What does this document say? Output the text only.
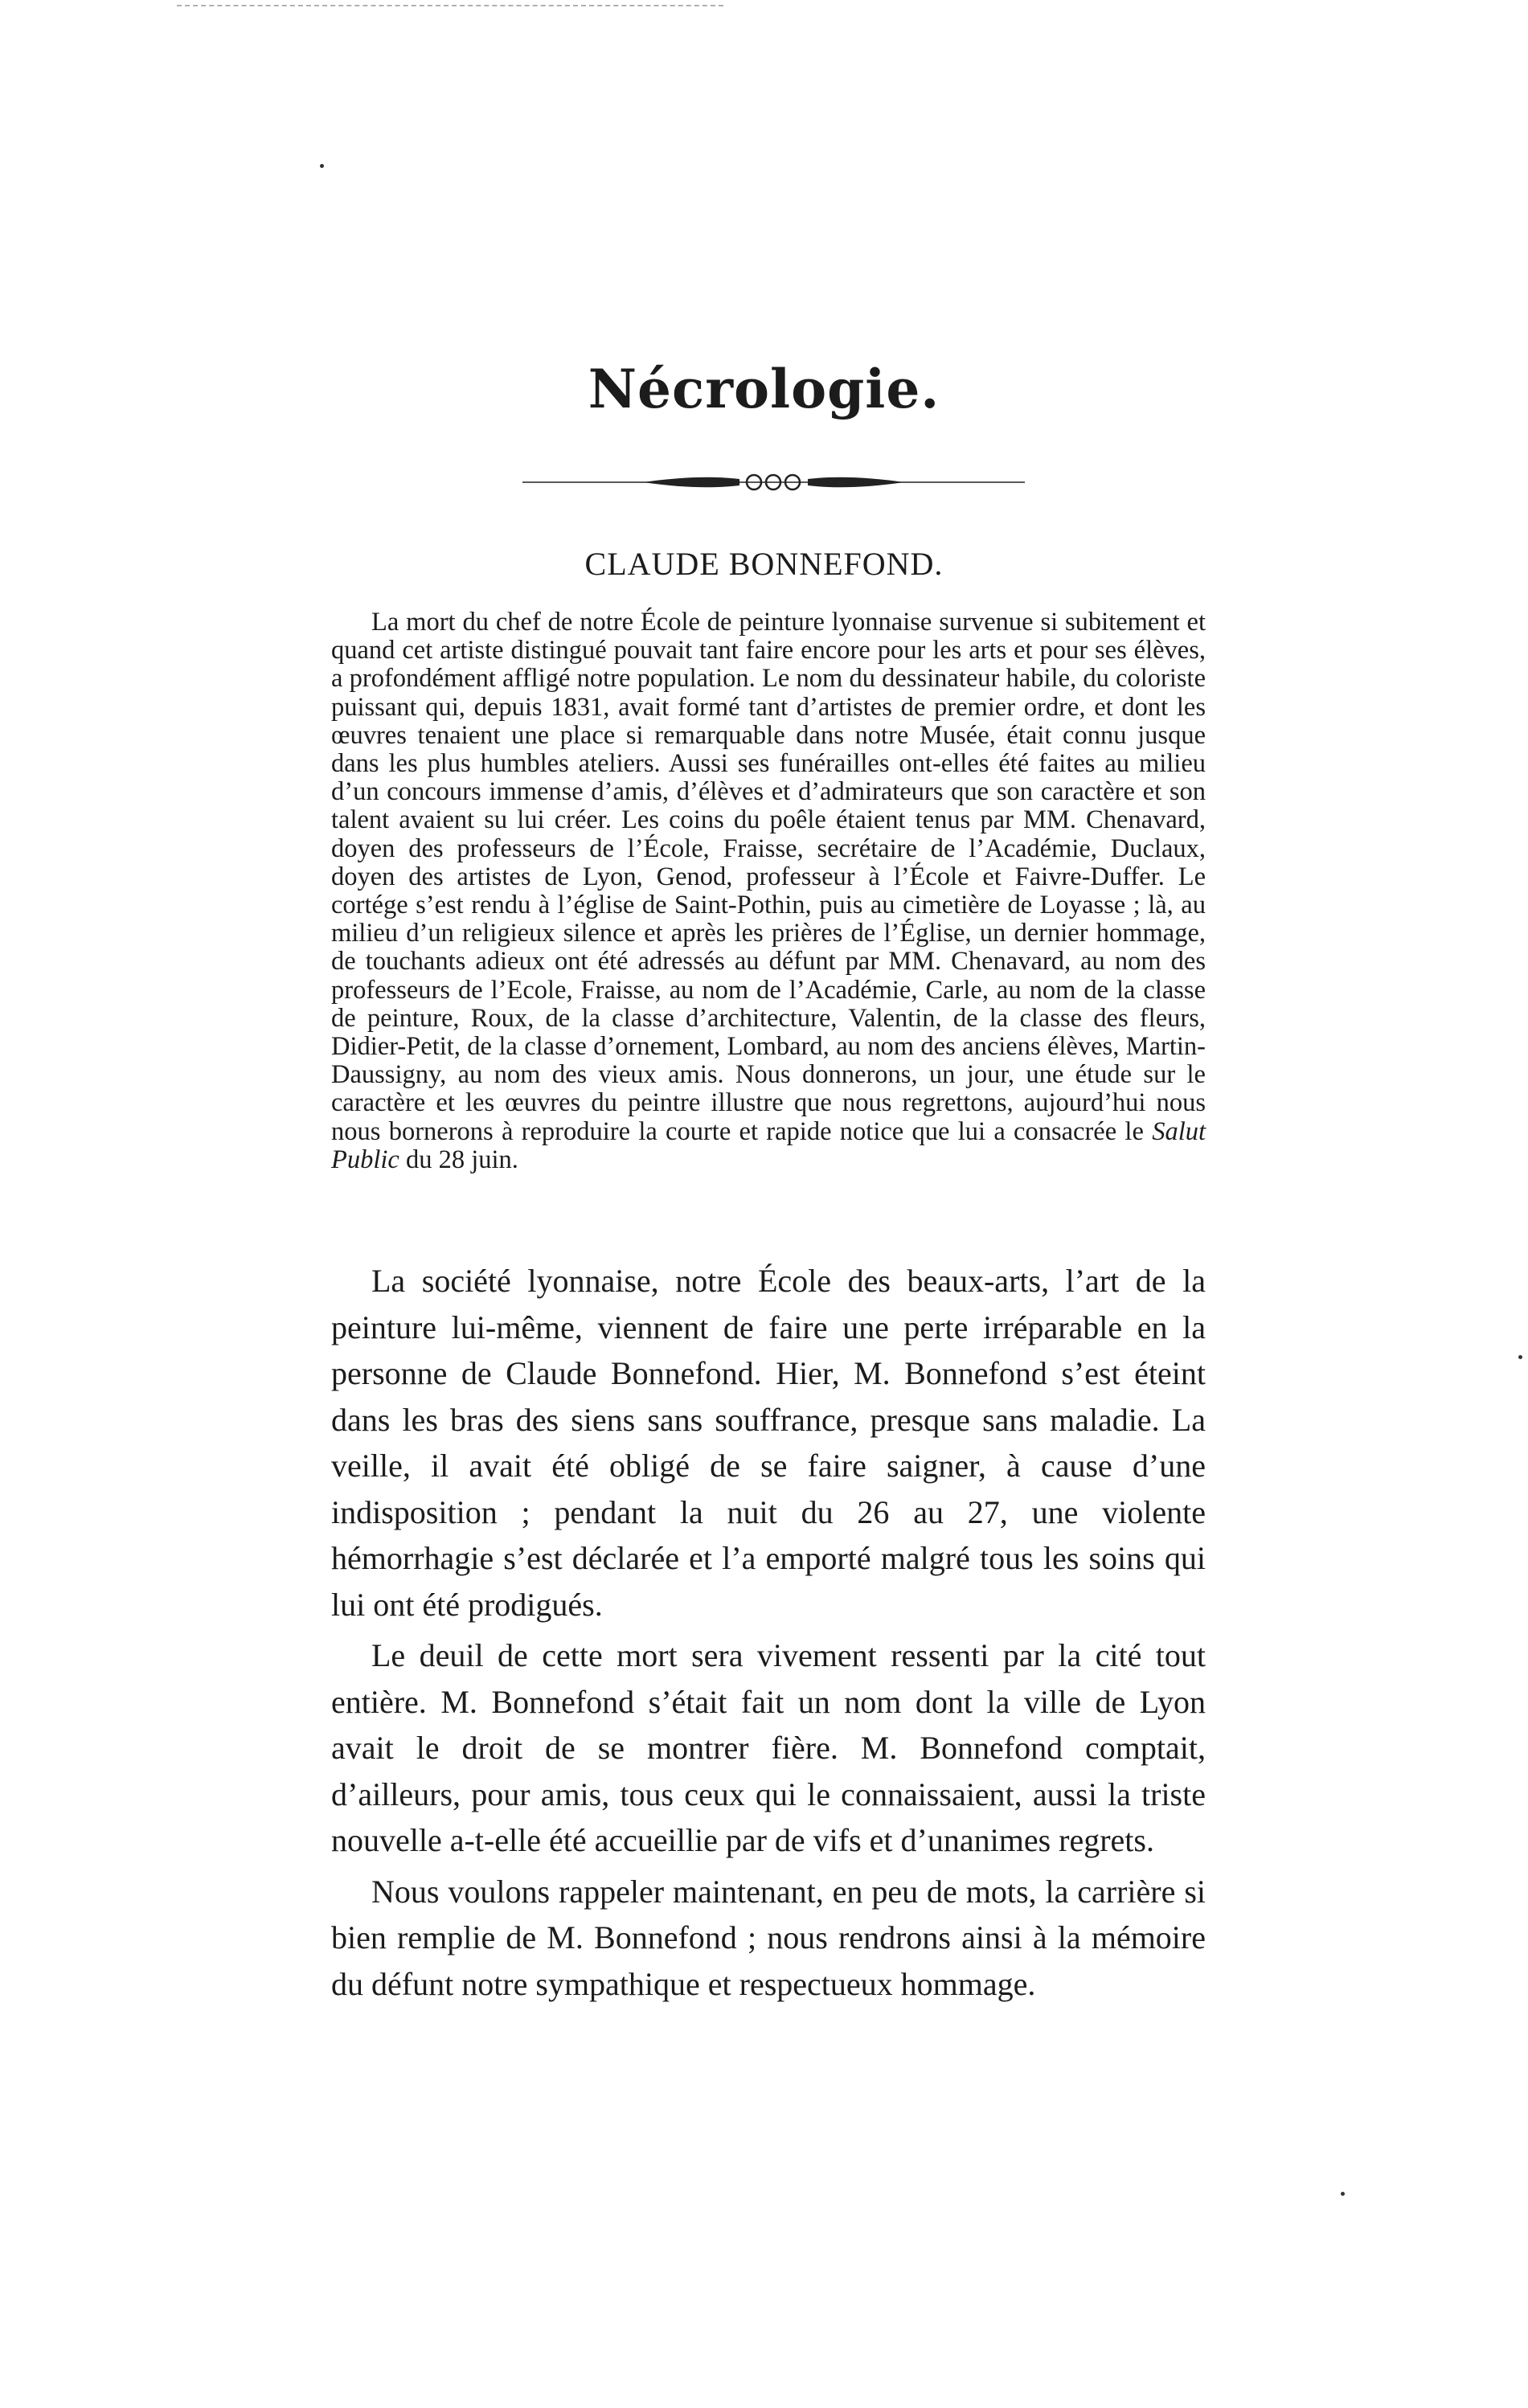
Nécrologie.
CLAUDE BONNEFOND.

La mort du chef de notre École de peinture lyonnaise survenue si subitement et quand cet artiste distingué pouvait tant faire encore pour les arts et pour ses élèves, a profondément affligé notre population. Le nom du dessinateur habile, du coloriste puissant qui, depuis 1831, avait formé tant d’artistes de premier ordre, et dont les œuvres tenaient une place si remarquable dans notre Musée, était connu jusque dans les plus humbles ateliers. Aussi ses funérailles ont-elles été faites au milieu d’un concours immense d’amis, d’élèves et d’admirateurs que son caractère et son talent avaient su lui créer. Les coins du poêle étaient tenus par MM. Chenavard, doyen des professeurs de l’École, Fraisse, secrétaire de l’Académie, Duclaux, doyen des artistes de Lyon, Genod, professeur à l’École et Faivre-Duffer. Le cortége s’est rendu à l’église de Saint-Pothin, puis au cimetière de Loyasse ; là, au milieu d’un religieux silence et après les prières de l’Église, un dernier hommage, de touchants adieux ont été adressés au défunt par MM. Chenavard, au nom des professeurs de l’Ecole, Fraisse, au nom de l’Académie, Carle, au nom de la classe de peinture, Roux, de la classe d’architecture, Valentin, de la classe des fleurs, Didier-Petit, de la classe d’ornement, Lombard, au nom des anciens élèves, Martin-Daussigny, au nom des vieux amis. Nous donnerons, un jour, une étude sur le caractère et les œuvres du peintre illustre que nous regrettons, aujourd’hui nous nous bornerons à reproduire la courte et rapide notice que lui a consacrée le Salut Public du 28 juin.

La société lyonnaise, notre École des beaux-arts, l’art de la peinture lui-même, viennent de faire une perte irréparable en la personne de Claude Bonnefond. Hier, M. Bonnefond s’est éteint dans les bras des siens sans souffrance, presque sans maladie. La veille, il avait été obligé de se faire saigner, à cause d’une indisposition ; pendant la nuit du 26 au 27, une violente hémorrhagie s’est déclarée et l’a emporté malgré tous les soins qui lui ont été prodigués.

Le deuil de cette mort sera vivement ressenti par la cité tout entière. M. Bonnefond s’était fait un nom dont la ville de Lyon avait le droit de se montrer fière. M. Bonnefond comptait, d’ailleurs, pour amis, tous ceux qui le connaissaient, aussi la triste nouvelle a-t-elle été accueillie par de vifs et d’unanimes regrets.

Nous voulons rappeler maintenant, en peu de mots, la carrière si bien remplie de M. Bonnefond ; nous rendrons ainsi à la mémoire du défunt notre sympathique et respectueux hommage.
